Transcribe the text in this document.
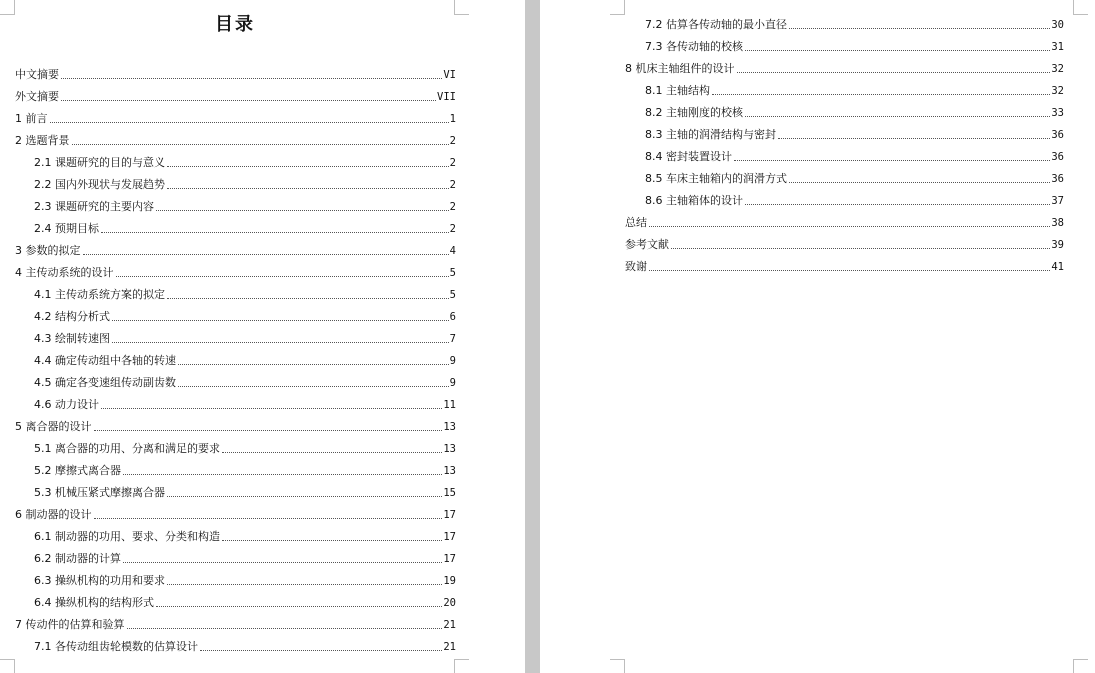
目录
中文摘要	VI
外文摘要	VII
1 前言	1
2 选题背景	2
2.1 课题研究的目的与意义	2
2.2 国内外现状与发展趋势	2
2.3 课题研究的主要内容	2
2.4 预期目标	2
3 参数的拟定	4
4 主传动系统的设计	5
4.1 主传动系统方案的拟定	5
4.2 结构分析式	6
4.3 绘制转速图	7
4.4 确定传动组中各轴的转速	9
4.5 确定各变速组传动副齿数	9
4.6 动力设计	11
5 离合器的设计	13
5.1 离合器的功用、分离和满足的要求	13
5.2 摩擦式离合器	13
5.3 机械压紧式摩擦离合器	15
6 制动器的设计	17
6.1 制动器的功用、要求、分类和构造	17
6.2 制动器的计算	17
6.3 操纵机构的功用和要求	19
6.4 操纵机构的结构形式	20
7 传动件的估算和验算	21
7.1 各传动组齿轮模数的估算设计	21
7.2 估算各传动轴的最小直径	30
7.3 各传动轴的校核	31
8 机床主轴组件的设计	32
8.1 主轴结构	32
8.2 主轴刚度的校核	33
8.3 主轴的润滑结构与密封	36
8.4 密封装置设计	36
8.5 车床主轴箱内的润滑方式	36
8.6 主轴箱体的设计	37
总结	38
参考文献	39
致谢	41
